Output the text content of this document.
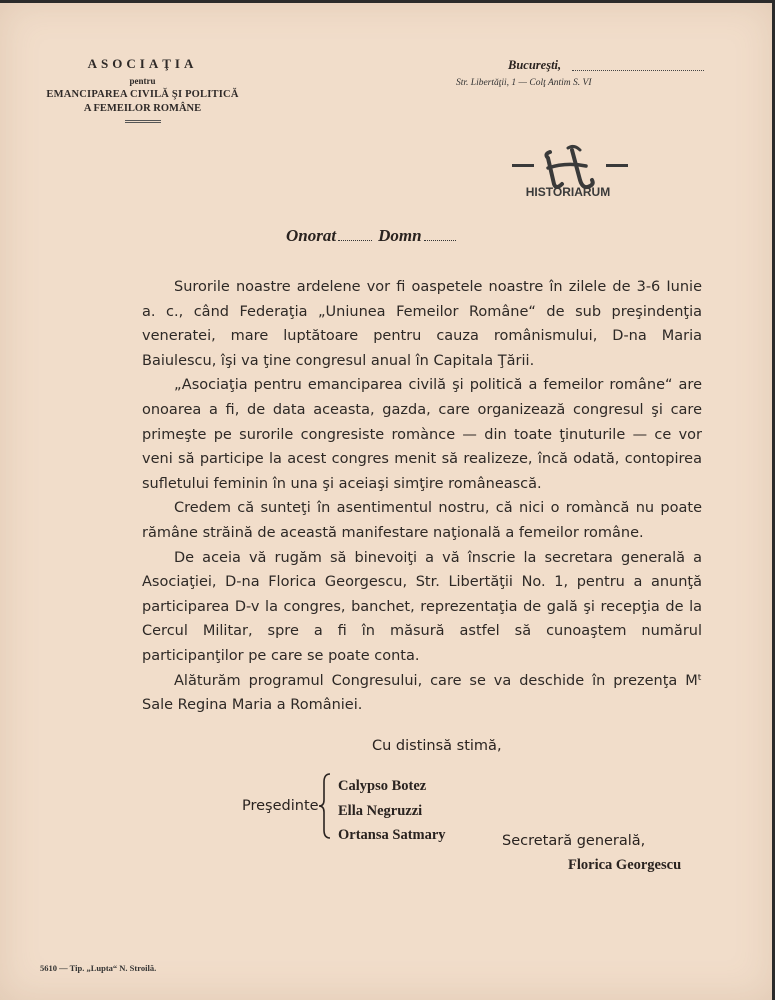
ASOCIAŢIA
pentru
EMANCIPAREA CIVILĂ ŞI POLITICĂ
A FEMEILOR ROMÂNE
Bucureşti,
Str. Libertăţii, 1 — Colţ Antim S. VI
HISTORIARUM
Onorat Domn

Surorile noastre ardelene vor fi oaspetele noastre în zilele de 3-6 Iunie a. c., când Federaţia „Uniunea Femeilor Române“ de sub preşindenţia veneratei, mare luptătoare pentru cauza românismului, D-na Maria Baiulescu, îşi va ţine congresul anual în Capitala Ţării.

„Asociaţia pentru emanciparea civilă şi politică a femeilor române“ are onoarea a fi, de data aceasta, gazda, care organizează congresul şi care primeşte pe surorile congresiste romànce — din toate ţinuturile — ce vor veni să participe la acest congres menit să realizeze, încă odată, contopirea sufletului feminin în una şi aceiaşi simţire românească.

Credem că sunteţi în asentimentul nostru, că nici o romàncă nu poate rămâne străină de această manifestare naţională a femeilor române.

De aceia vă rugăm să binevoiţi a vă înscrie la secretara generală a Asociaţiei, D-na Florica Georgescu, Str. Libertăţii No. 1, pentru a anunţă participarea D-v la congres, banchet, reprezentaţia de gală şi recepţia de la Cercul Militar, spre a fi în măsură astfel să cunoaştem numărul participanţilor pe care se poate conta.

Alăturăm programul Congresului, care se va deschide în prezenţa Mᵗ Sale Regina Maria a României.

Cu distinsă stimă,
Preşedinte
Calypso Botez
Ella Negruzzi
Ortansa Satmary	Secretară generală,
Florica Georgescu
5610 — Tip. „Lupta“ N. Stroilă.
